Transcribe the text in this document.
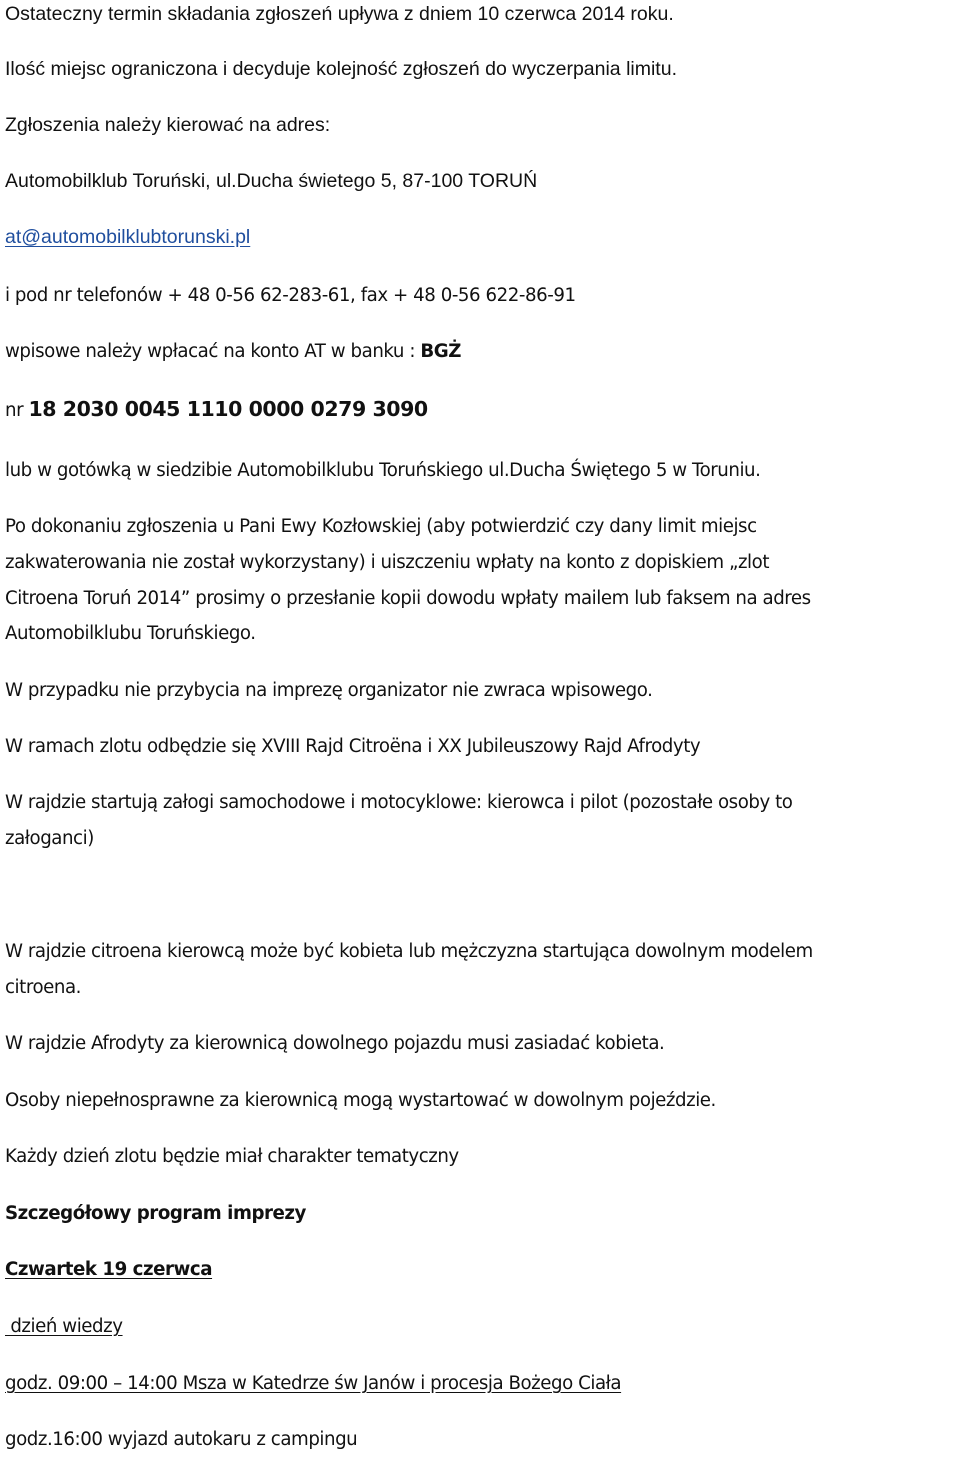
Ostateczny termin składania zgłoszeń upływa z dniem 10 czerwca 2014 roku.
Ilość miejsc ograniczona i decyduje kolejność zgłoszeń do wyczerpania limitu.
Zgłoszenia należy kierować na adres:
Automobilklub Toruński, ul.Ducha świetego 5, 87-100 TORUŃ
at@automobilklubtorunski.pl
i pod nr telefonów + 48 0-56 62-283-61, fax + 48 0-56 622-86-91
wpisowe należy wpłacać na konto AT w banku : BGŻ
nr 18 2030 0045 1110 0000 0279 3090
lub w gotówką w siedzibie Automobilklubu Toruńskiego ul.Ducha Świętego 5 w Toruniu.
Po dokonaniu zgłoszenia u Pani Ewy Kozłowskiej (aby potwierdzić czy dany limit miejsc
zakwaterowania nie został wykorzystany) i uiszczeniu wpłaty na konto z dopiskiem „zlot
Citroena Toruń 2014” prosimy o przesłanie kopii dowodu wpłaty mailem lub faksem na adres
Automobilklubu Toruńskiego.
W przypadku nie przybycia na imprezę organizator nie zwraca wpisowego.
W ramach zlotu odbędzie się XVIII Rajd Citroëna i XX Jubileuszowy Rajd Afrodyty
W rajdzie startują załogi samochodowe i motocyklowe: kierowca i pilot (pozostałe osoby to
załoganci)
W rajdzie citroena kierowcą może być kobieta lub mężczyzna startująca dowolnym modelem
citroena.
W rajdzie Afrodyty za kierownicą dowolnego pojazdu musi zasiadać kobieta.
Osoby niepełnosprawne za kierownicą mogą wystartować w dowolnym pojeździe.
Każdy dzień zlotu będzie miał charakter tematyczny
Szczegółowy program imprezy
Czwartek 19 czerwca
dzień wiedzy
godz. 09:00 – 14:00 Msza w Katedrze św Janów i procesja Bożego Ciała
godz.16:00 wyjazd autokaru z campingu
